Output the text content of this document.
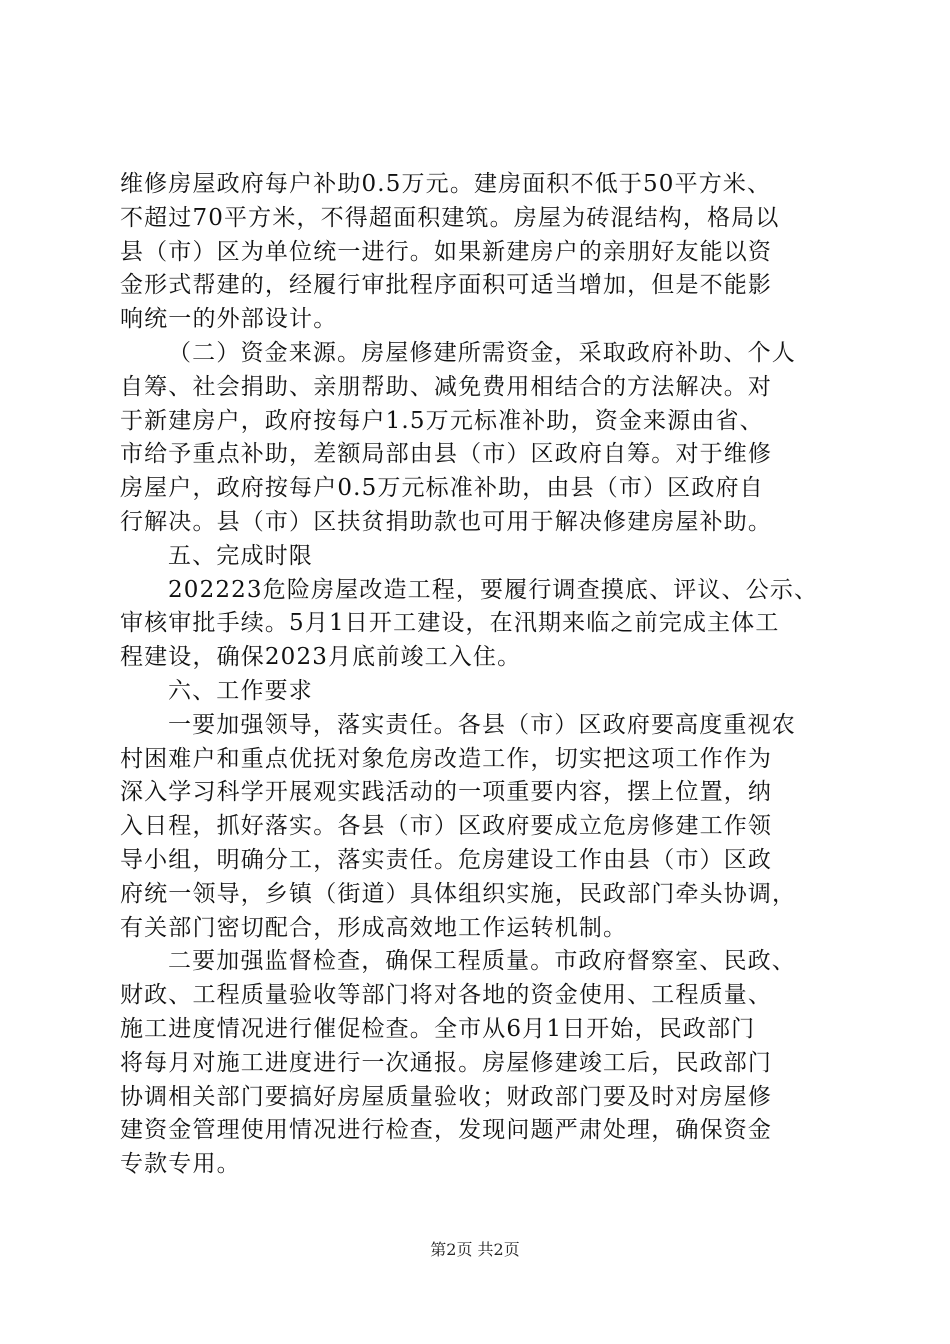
维修房屋政府每户补助0.5万元。建房面积不低于50平方米、
不超过70平方米，不得超面积建筑。房屋为砖混结构，格局以
县（市）区为单位统一进行。如果新建房户的亲朋好友能以资
金形式帮建的，经履行审批程序面积可适当增加，但是不能影
响统一的外部设计。
（二）资金来源。房屋修建所需资金，采取政府补助、个人
自筹、社会捐助、亲朋帮助、减免费用相结合的方法解决。对
于新建房户，政府按每户1.5万元标准补助，资金来源由省、
市给予重点补助，差额局部由县（市）区政府自筹。对于维修
房屋户，政府按每户0.5万元标准补助，由县（市）区政府自
行解决。县（市）区扶贫捐助款也可用于解决修建房屋补助。
五、完成时限
202223危险房屋改造工程，要履行调查摸底、评议、公示、
审核审批手续。5月1日开工建设，在汛期来临之前完成主体工
程建设，确保2023月底前竣工入住。
六、工作要求
一要加强领导，落实责任。各县（市）区政府要高度重视农
村困难户和重点优抚对象危房改造工作，切实把这项工作作为
深入学习科学开展观实践活动的一项重要内容，摆上位置，纳
入日程，抓好落实。各县（市）区政府要成立危房修建工作领
导小组，明确分工，落实责任。危房建设工作由县（市）区政
府统一领导，乡镇（街道）具体组织实施，民政部门牵头协调，
有关部门密切配合，形成高效地工作运转机制。
二要加强监督检查，确保工程质量。市政府督察室、民政、
财政、工程质量验收等部门将对各地的资金使用、工程质量、
施工进度情况进行催促检查。全市从6月1日开始，民政部门
将每月对施工进度进行一次通报。房屋修建竣工后，民政部门
协调相关部门要搞好房屋质量验收；财政部门要及时对房屋修
建资金管理使用情况进行检查，发现问题严肃处理，确保资金
专款专用。
第2页 共2页
